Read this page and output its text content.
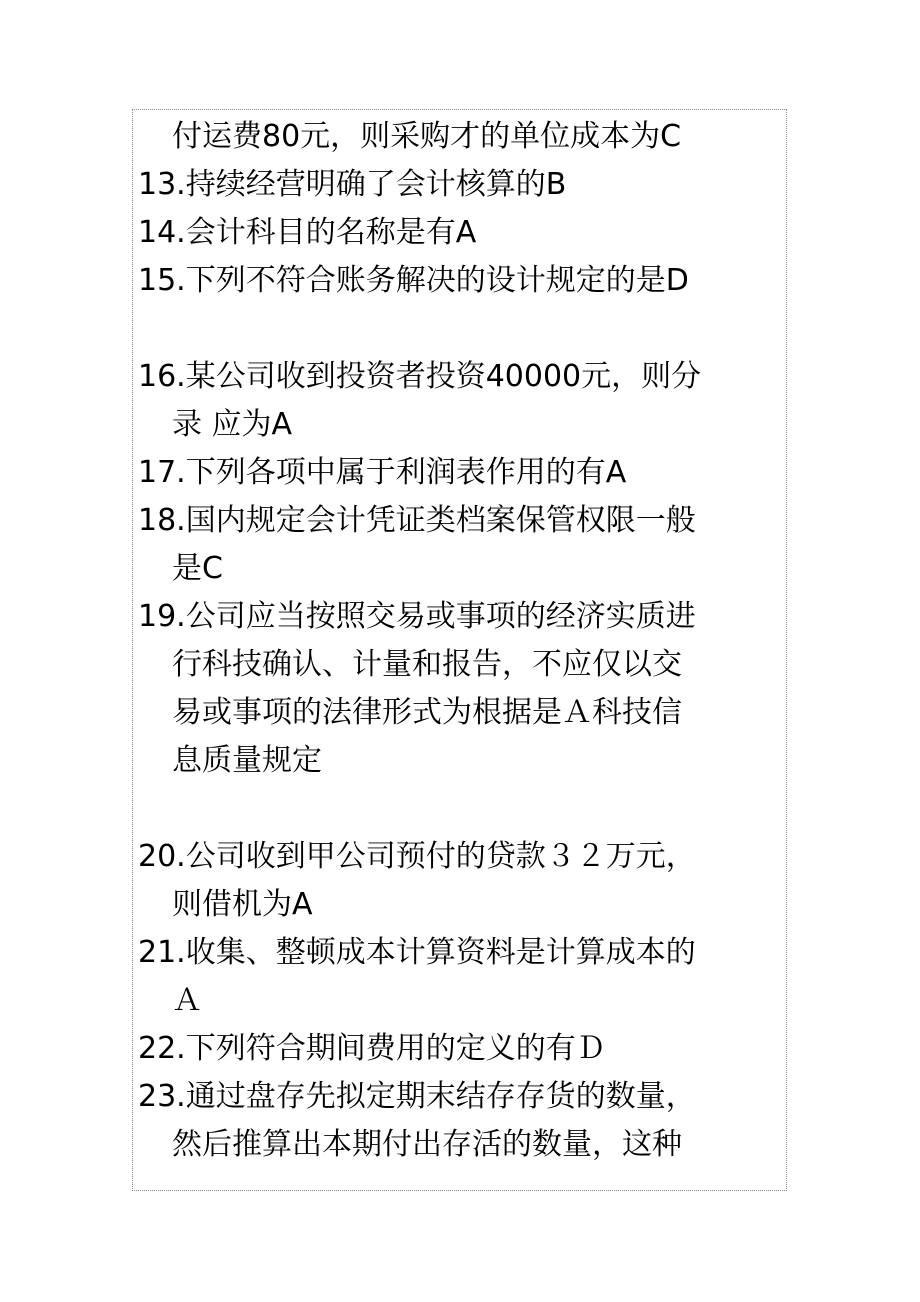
付运费80元，则采购才的单位成本为C
13.持续经营明确了会计核算的B
14.会计科目的名称是有A
15.下列不符合账务解决的设计规定的是D
16.某公司收到投资者投资40000元，则分
录 应为A
17.下列各项中属于利润表作用的有A
18.国内规定会计凭证类档案保管权限一般
是C
19.公司应当按照交易或事项的经济实质进
行科技确认、计量和报告，不应仅以交
易或事项的法律形式为根据是Ａ科技信
息质量规定
20.公司收到甲公司预付的贷款３２万元，
则借机为A
21.收集、整顿成本计算资料是计算成本的
Ａ
22.下列符合期间费用的定义的有Ｄ
23.通过盘存先拟定期末结存存货的数量，
然后推算出本期付出存活的数量，这种
